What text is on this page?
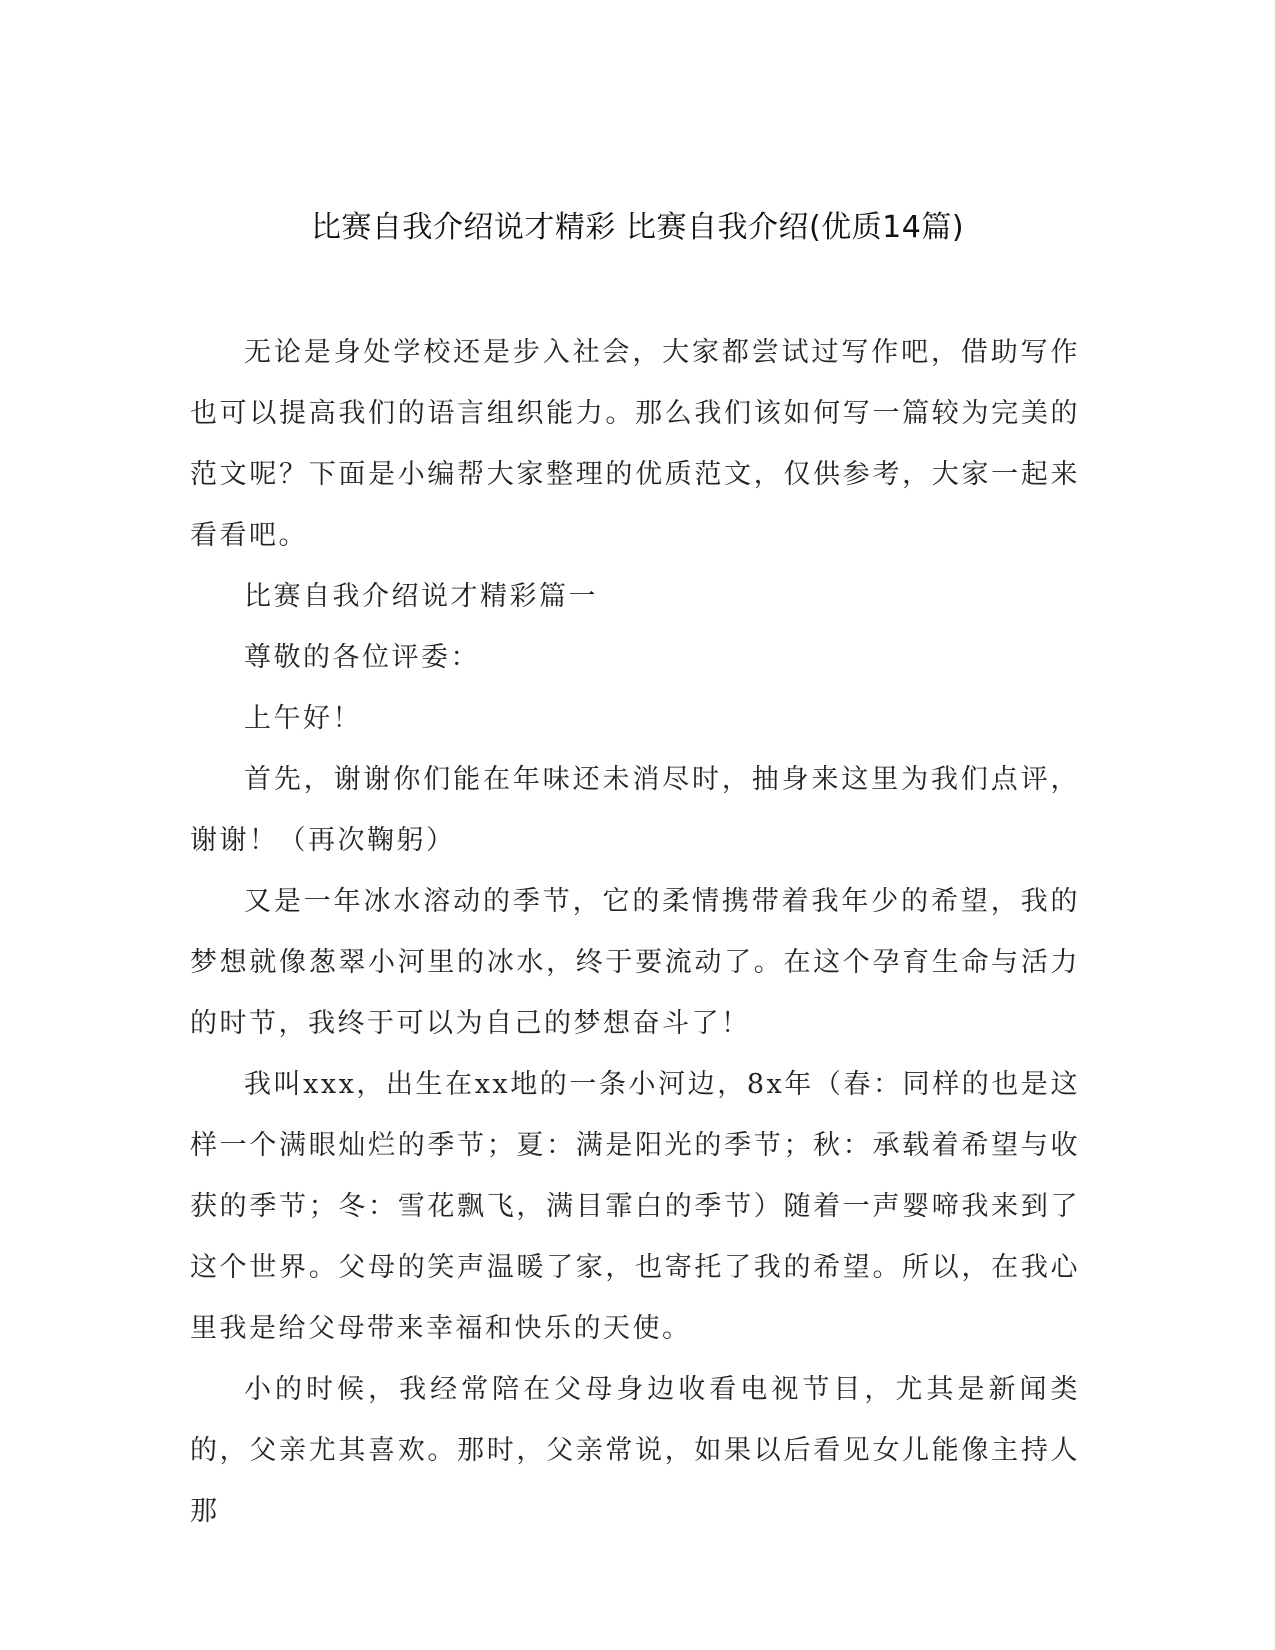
比赛自我介绍说才精彩 比赛自我介绍(优质14篇)

无论是身处学校还是步入社会，大家都尝试过写作吧，借助写作也可以提高我们的语言组织能力。那么我们该如何写一篇较为完美的范文呢？下面是小编帮大家整理的优质范文，仅供参考，大家一起来看看吧。

比赛自我介绍说才精彩篇一

尊敬的各位评委：

上午好！

首先，谢谢你们能在年味还未消尽时，抽身来这里为我们点评，谢谢！（再次鞠躬）

又是一年冰水溶动的季节，它的柔情携带着我年少的希望，我的梦想就像葱翠小河里的冰水，终于要流动了。在这个孕育生命与活力的时节，我终于可以为自己的梦想奋斗了！

我叫xxx，出生在xx地的一条小河边，8x年（春：同样的也是这样一个满眼灿烂的季节；夏：满是阳光的季节；秋：承载着希望与收获的季节；冬：雪花飘飞，满目霏白的季节）随着一声婴啼我来到了这个世界。父母的笑声温暖了家，也寄托了我的希望。所以，在我心里我是给父母带来幸福和快乐的天使。

小的时候，我经常陪在父母身边收看电视节目，尤其是新闻类的，父亲尤其喜欢。那时，父亲常说，如果以后看见女儿能像主持人那
